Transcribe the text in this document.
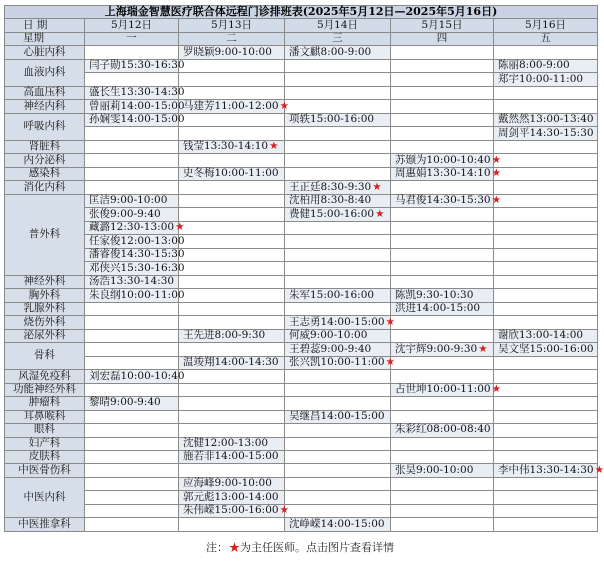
上海瑞金智慧医疗联合体远程门诊排班表(2025年5月12日—2025年5月16日)					
日 期	5月12日	5月13日	5月14日	5月15日	5月16日
星期	一	二	三	四	五
心脏内科		罗晓颖9:00-10:00	潘文麒8:00-9:00		
血液内科	闫子勋15:30-16:30				陈丽8:00-9:00
					郑宇10:00-11:00
高血压科	盛长生13:30-14:30				
神经内科	曾丽莉14:00-15:00	马建芳11:00-12:00★			
呼吸内科	孙娴雯14:00-15:00		项轶15:00-16:00		戴然然13:00-13:40
					周剑平14:30-15:30
肾脏科		钱莹13:30-14:10★			
内分泌科				苏颋为10:00-10:40★	
感染科		史冬梅10:00-11:00		周惠娟13:30-14:10★	
消化内科			王正廷8:30-9:30★		
普外科	匡洁9:00-10:00		沈柏用8:30-8:40	马君俊14:30-15:30★	
	张俊9:00-9:40		费健15:00-16:00★		
	藏潞12:30-13:00★				
	任家俊12:00-13:00				
	潘睿俊14:30-15:30				
	邓侠兴15:30-16:30				
神经外科	汤浩13:30-14:30				
胸外科	朱良纲10:00-11:00		朱军15:00-16:00	陈凯9:30-10:30	
乳腺外科				洪进14:00-15:00	
烧伤外科			王志勇14:00-15:00★		
泌尿外科		王先进8:00-9:30	何威9:00-10:00		谢欣13:00-14:00
骨科			王碧蕊9:00-9:40	沈宇辉9:00-9:30★	吴文坚15:00-16:00
		温竣翔14:00-14:30	张兴凯10:00-11:00★		
风湿免疫科	刘宏磊10:00-10:40				
功能神经外科				占世坤10:00-11:00★	
肿瘤科	黎晴9:00-9:40				
耳鼻喉科			吴继昌14:00-15:00		
眼科				朱彩红08:00-08:40	
妇产科		沈健12:00-13:00			
皮肤科		施若非14:00-15:00			
中医骨伤科				张昊9:00-10:00	李中伟13:30-14:30★
中医内科		应海峰9:00-10:00			
		郭元彪13:00-14:00			
		朱伟嵘15:00-16:00★			
中医推拿科			沈峥嵘14:00-15:00		
注：★为主任医师。点击图片查看详情
